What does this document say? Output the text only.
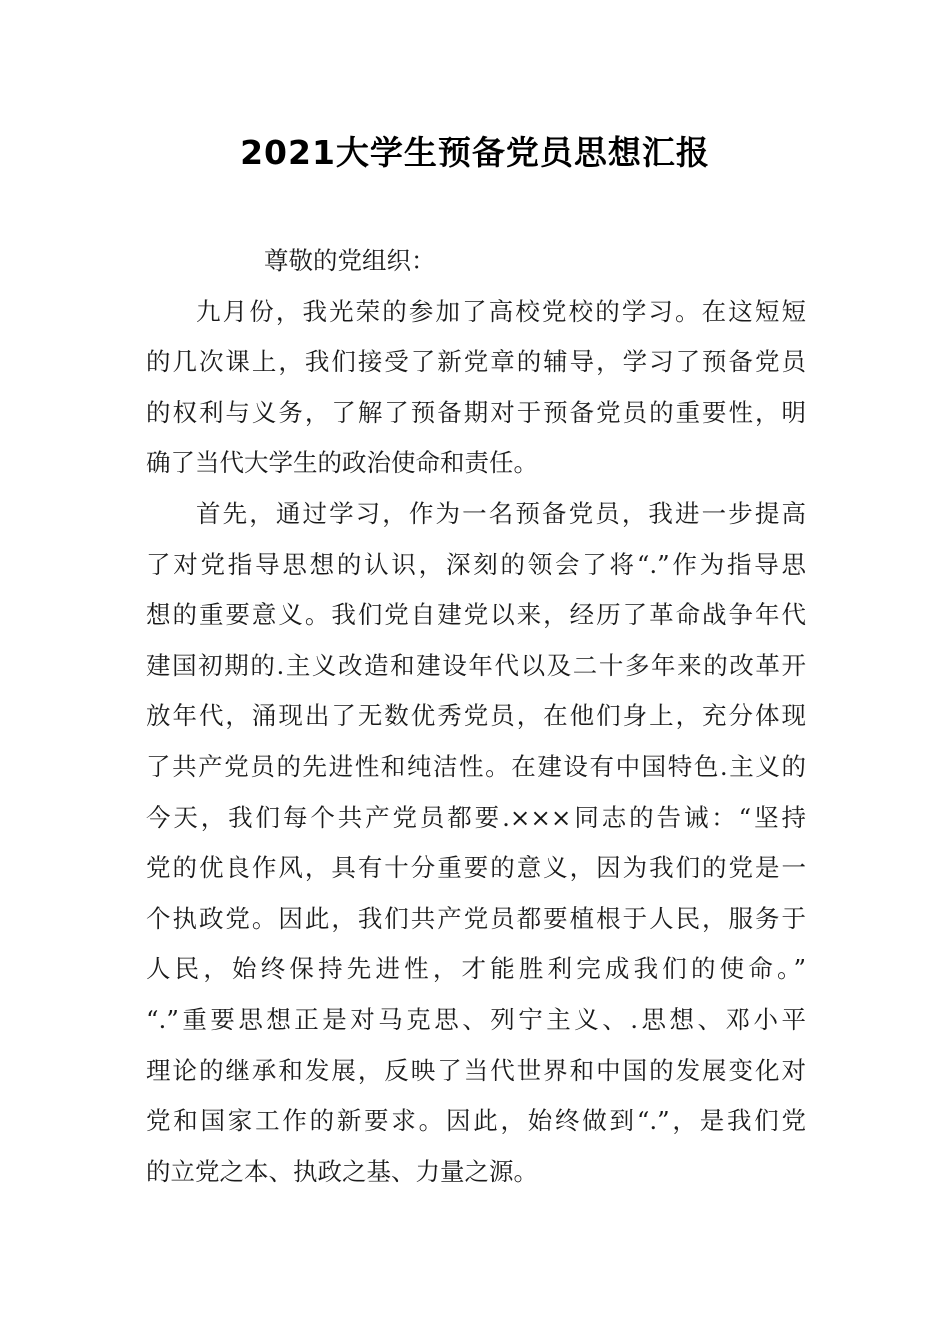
2021大学生预备党员思想汇报
尊敬的党组织：
九月份，我光荣的参加了高校党校的学习。在这短短
的几次课上，我们接受了新党章的辅导，学习了预备党员
的权利与义务，了解了预备期对于预备党员的重要性，明
确了当代大学生的政治使命和责任。
首先，通过学习，作为一名预备党员，我进一步提高
了对党指导思想的认识，深刻的领会了将“.”作为指导思
想的重要意义。我们党自建党以来，经历了革命战争年代
建国初期的.主义改造和建设年代以及二十多年来的改革开
放年代，涌现出了无数优秀党员，在他们身上，充分体现
了共产党员的先进性和纯洁性。在建设有中国特色.主义的
今天，我们每个共产党员都要.×××同志的告诫：“坚持
党的优良作风，具有十分重要的意义，因为我们的党是一
个执政党。因此，我们共产党员都要植根于人民，服务于
人民，始终保持先进性，才能胜利完成我们的使命。”
“.”重要思想正是对马克思、列宁主义、.思想、邓小平
理论的继承和发展，反映了当代世界和中国的发展变化对
党和国家工作的新要求。因此，始终做到“.”，是我们党
的立党之本、执政之基、力量之源。
